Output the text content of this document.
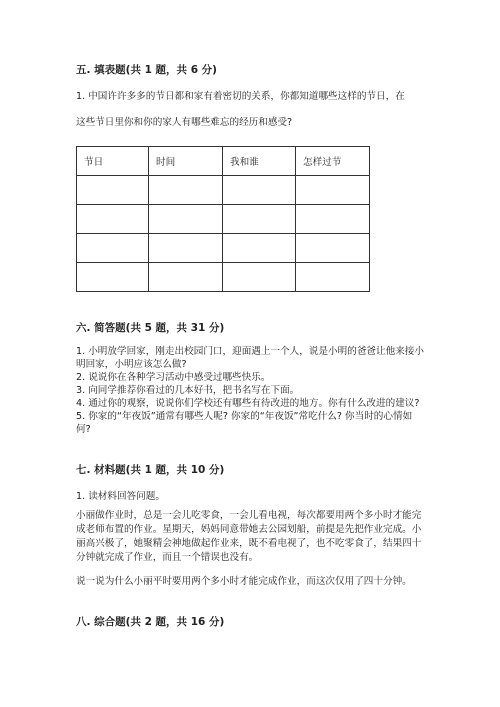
五. 填表题(共 1 题，共 6 分)
1. 中国许许多多的节日都和家有着密切的关系，你都知道哪些这样的节日，在
这些节日里你和你的家人有哪些难忘的经历和感受?
节日	时间	我和谁	怎样过节

六. 简答题(共 5 题，共 31 分)

1. 小明放学回家，刚走出校园门口，迎面遇上一个人，说是小明的爸爸让他来接小明回家，小明应该怎么做?

2. 说说你在各种学习活动中感受过哪些快乐。

3. 向同学推荐你看过的几本好书，把书名写在下面。

4. 通过你的观察，说说你们学校还有哪些有待改进的地方。你有什么改进的建议?

5. 你家的“年夜饭”通常有哪些人呢? 你家的“年夜饭”常吃什么? 你当时的心情如何?

七. 材料题(共 1 题，共 10 分)
1. 读材料回答问题。

小丽做作业时，总是一会儿吃零食，一会儿看电视，每次都要用两个多小时才能完成老师布置的作业。星期天，妈妈同意带她去公园划船，前提是先把作业完成。小丽高兴极了，她聚精会神地做起作业来，既不看电视了，也不吃零食了，结果四十分钟就完成了作业，而且一个错误也没有。

说一说为什么小丽平时要用两个多小时才能完成作业，而这次仅用了四十分钟。

八. 综合题(共 2 题，共 16 分)
